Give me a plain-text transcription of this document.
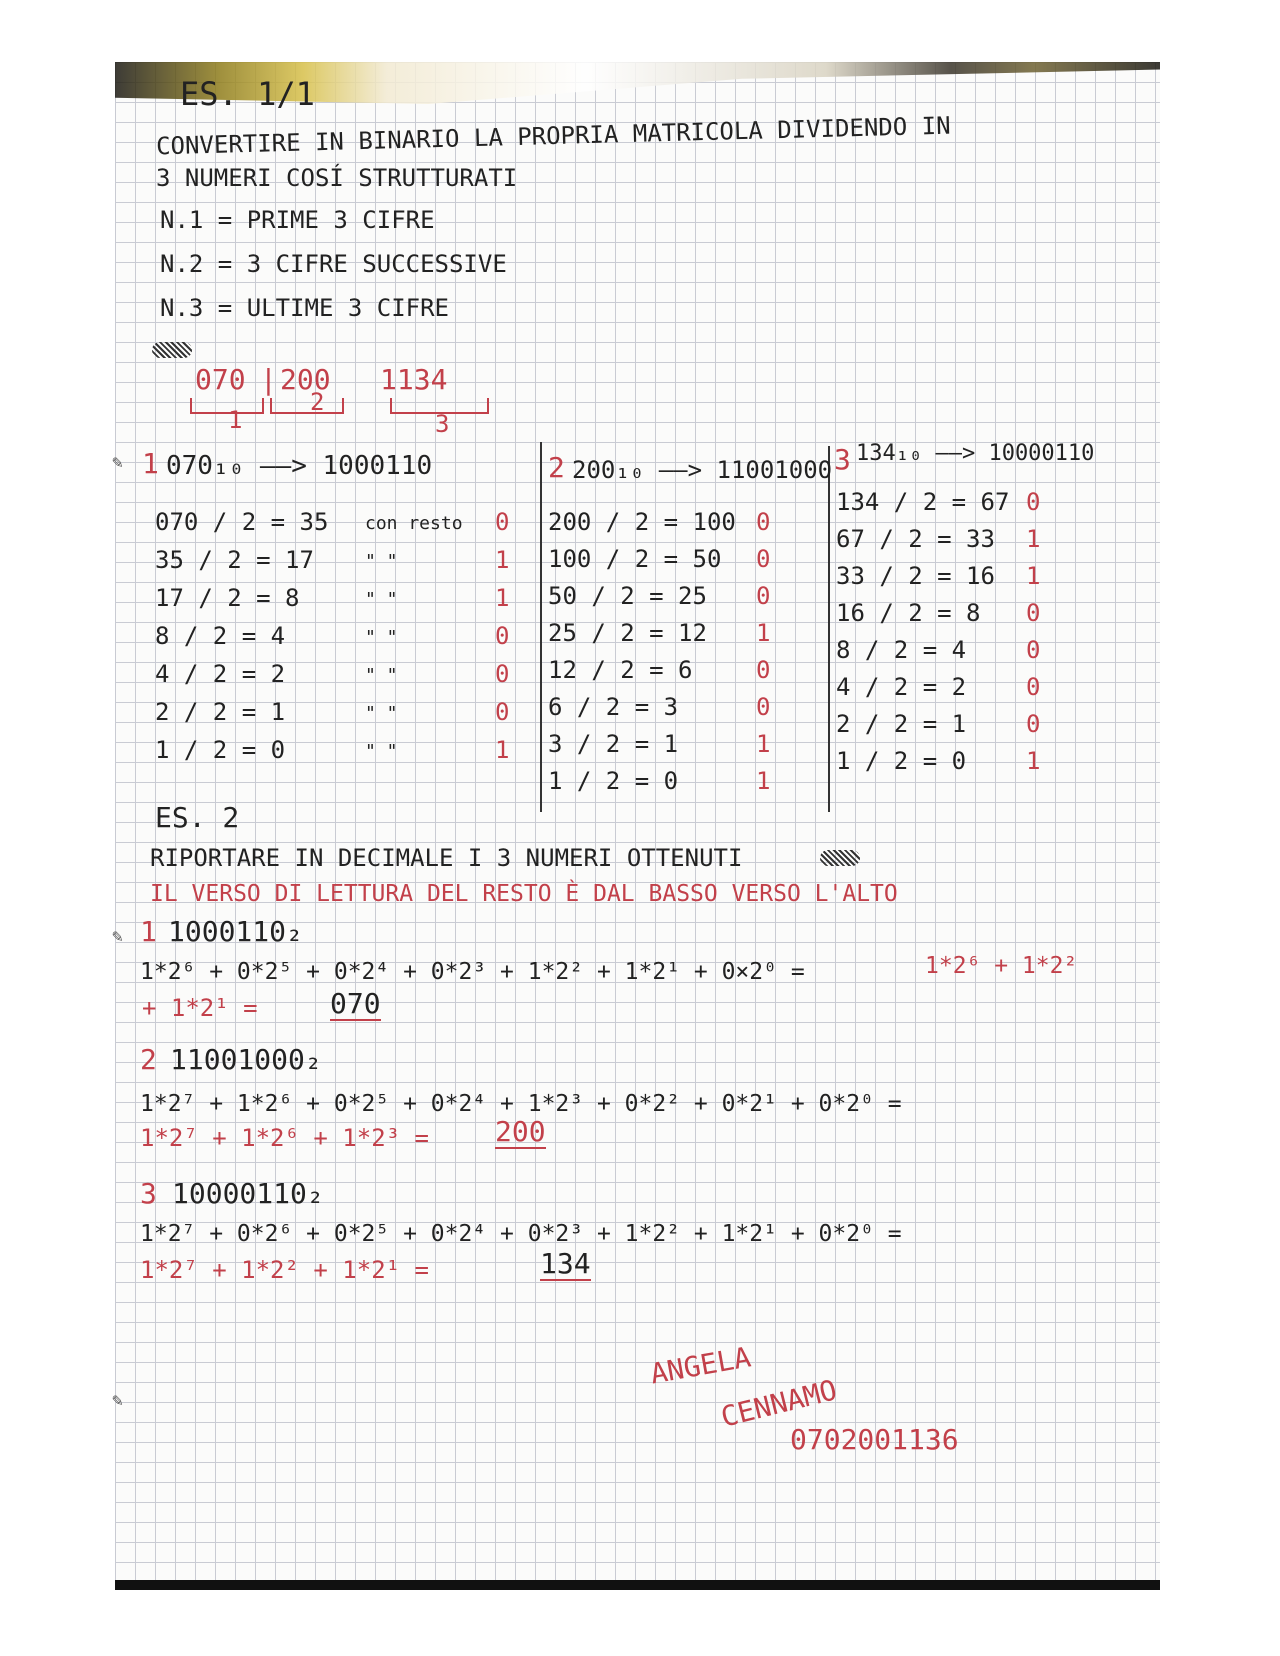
✎
✎
✎
ES. 1/1
CONVERTIRE IN BINARIO LA PROPRIA MATRICOLA DIVIDENDO IN
3 NUMERI COSÍ STRUTTURATI
N.1 = PRIME 3 CIFRE
N.2 = 3 CIFRE SUCCESSIVE
N.3 = ULTIME 3 CIFRE
070 | 200 1134
1
2
3
1 070₁₀ ——> 1000110
070 / 2 = 35 con resto 0
35 / 2 = 17	" "	1
17 / 2 = 8	" "	1
8 / 2 = 4	" "	0
4 / 2 = 2	" "	0
2 / 2 = 1	" "	0
1 / 2 = 0	" "	1
2 200₁₀ ——> 11001000
200 / 2 = 100 0
100 / 2 = 50 0
50 / 2 = 25 0
25 / 2 = 12 1
12 / 2 = 6	0
6 / 2 = 3	0
3 / 2 = 1	1
1 / 2 = 0	1
3 134₁₀ ——> 10000110
134 / 2 = 67 0
67 / 2 = 33 1
33 / 2 = 16 1
16 / 2 = 8 0
8 / 2 = 4 0
4 / 2 = 2 0
2 / 2 = 1 0
1 / 2 = 0 1
ES. 2
RIPORTARE IN DECIMALE I 3 NUMERI OTTENUTI
IL VERSO DI LETTURA DEL RESTO È DAL BASSO VERSO L'ALTO
1 1000110₂
1*2⁶ + 0*2⁵ + 0*2⁴ + 0*2³ + 1*2² + 1*2¹ + 0×2⁰ =	1*2⁶ + 1*2²
+ 1*2¹ =	070
2 11001000₂
1*2⁷ + 1*2⁶ + 0*2⁵ + 0*2⁴ + 1*2³ + 0*2² + 0*2¹ + 0*2⁰ =
1*2⁷ + 1*2⁶ + 1*2³ = 200
3 10000110₂
1*2⁷ + 0*2⁶ + 0*2⁵ + 0*2⁴ + 0*2³ + 1*2² + 1*2¹ + 0*2⁰ =
1*2⁷ + 1*2² + 1*2¹ =	134
ANGELA
CENNAMO
0702001136
